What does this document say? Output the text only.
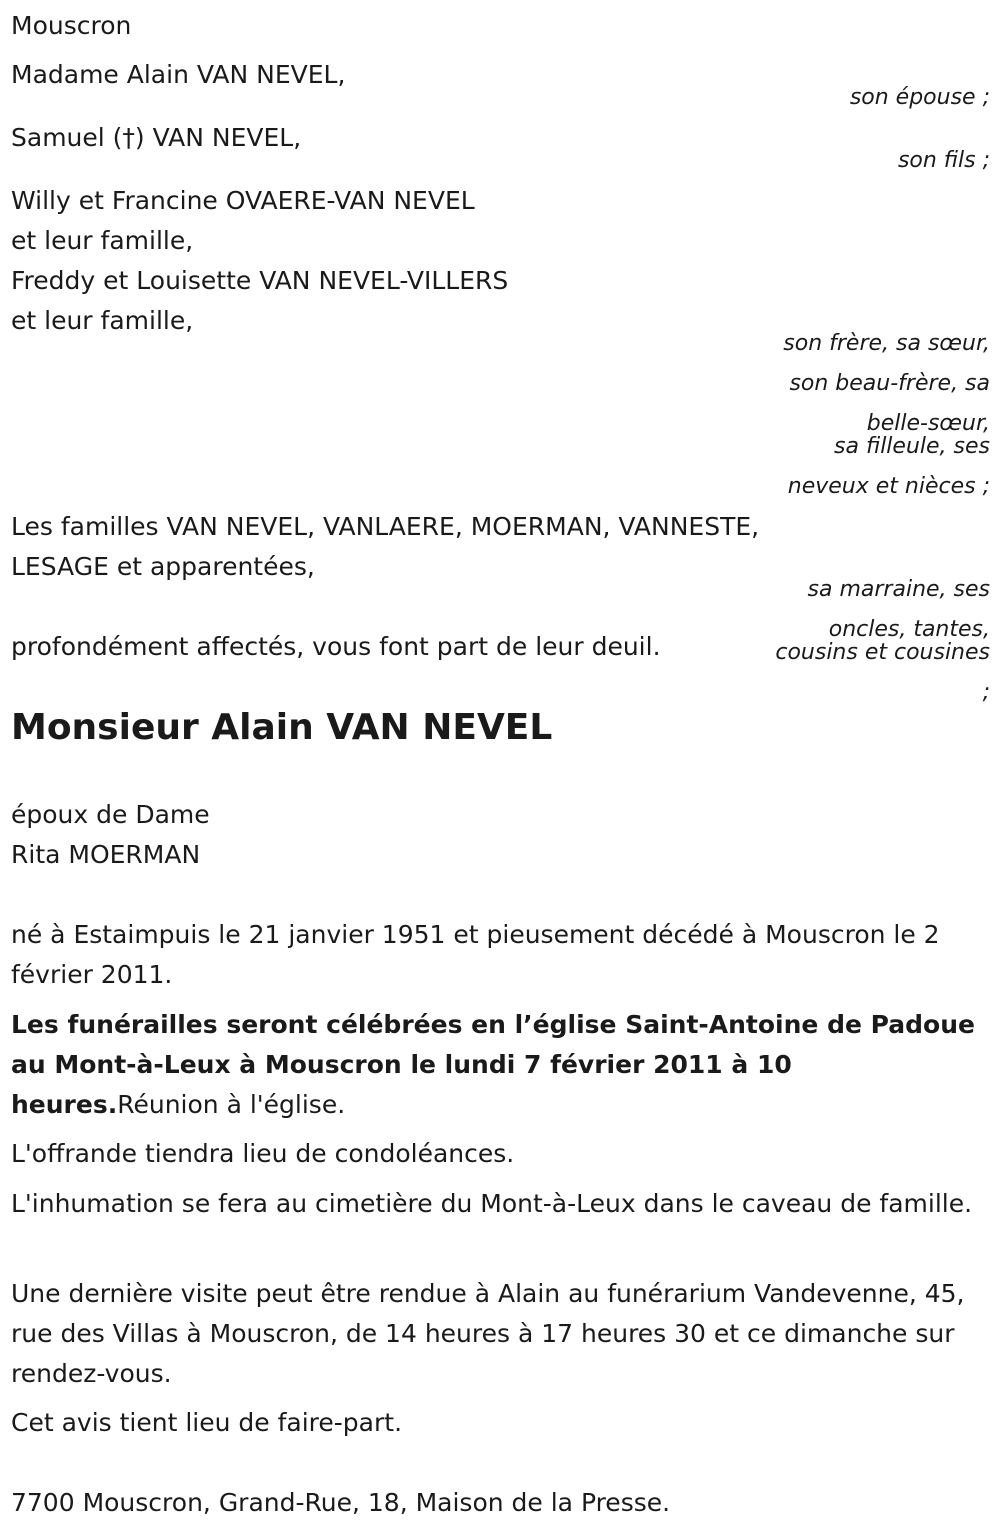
Mouscron
Madame Alain VAN NEVEL,
son épouse ;
Samuel (†) VAN NEVEL,
son fils ;
Willy et Francine OVAERE-VAN NEVEL
et leur famille,
Freddy et Louisette VAN NEVEL-VILLERS
et leur famille,
son frère, sa sœur,
son beau-frère, sa
belle-sœur,
sa filleule, ses
neveux et nièces ;
Les familles VAN NEVEL, VANLAERE, MOERMAN, VANNESTE,
LESAGE et apparentées,
sa marraine, ses
oncles, tantes,
cousins et cousines
;
profondément affectés, vous font part de leur deuil.
Monsieur Alain VAN NEVEL
époux de Dame
Rita MOERMAN
né à Estaimpuis le 21 janvier 1951 et pieusement décédé à Mouscron le 2 février 2011.
Les funérailles seront célébrées en l’église Saint-Antoine de Padoue au Mont-à-Leux à Mouscron le lundi 7 février 2011 à 10 heures.Réunion à l'église.
L'offrande tiendra lieu de condoléances.
L'inhumation se fera au cimetière du Mont-à-Leux dans le caveau de famille.
Une dernière visite peut être rendue à Alain au funérarium Vandevenne, 45, rue des Villas à Mouscron, de 14 heures à 17 heures 30 et ce dimanche sur rendez-vous.
Cet avis tient lieu de faire-part.
7700 Mouscron, Grand-Rue, 18, Maison de la Presse.
